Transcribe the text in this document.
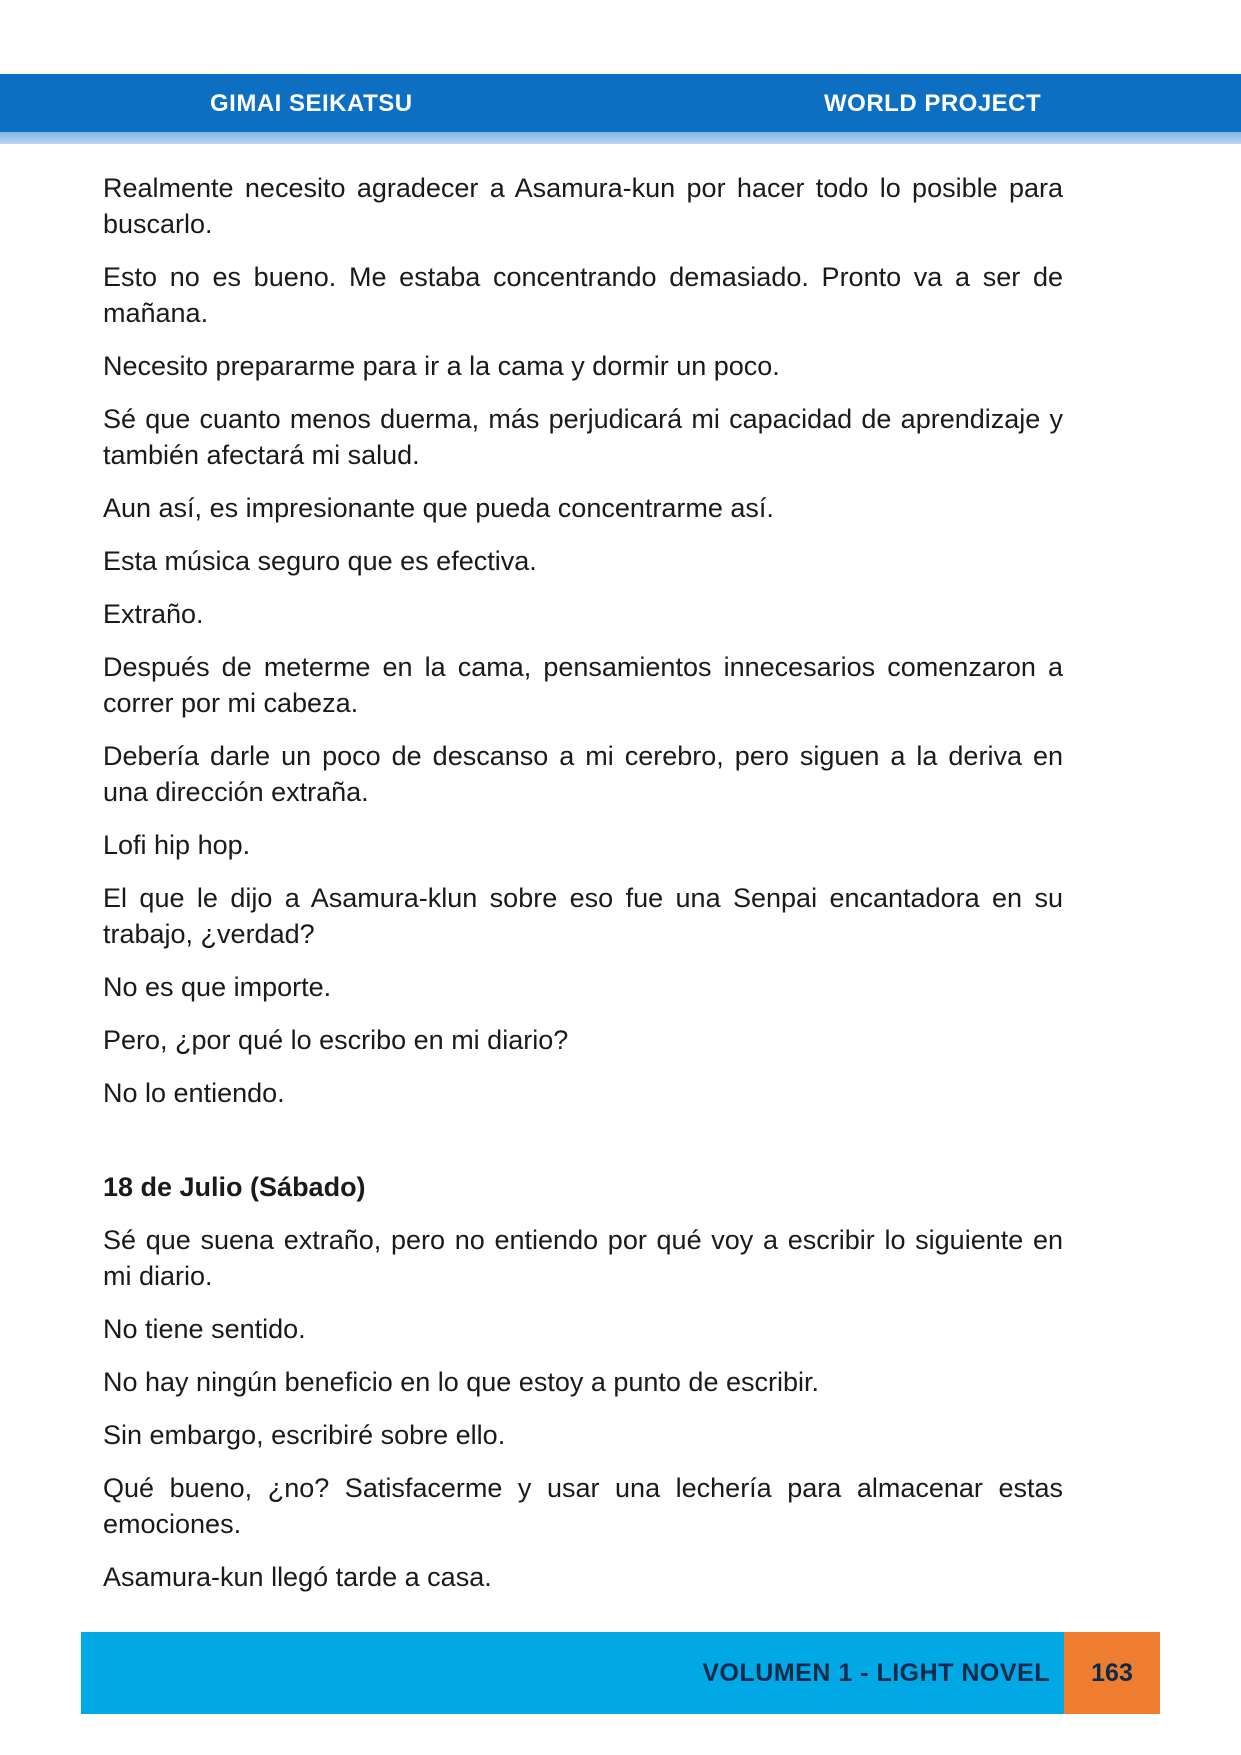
GIMAI SEIKATSU	WORLD PROJECT

Realmente necesito agradecer a Asamura-kun por hacer todo lo posible para buscarlo.

Esto no es bueno. Me estaba concentrando demasiado. Pronto va a ser de mañana.

Necesito prepararme para ir a la cama y dormir un poco.

Sé que cuanto menos duerma, más perjudicará mi capacidad de aprendizaje y también afectará mi salud.

Aun así, es impresionante que pueda concentrarme así.

Esta música seguro que es efectiva.

Extraño.

Después de meterme en la cama, pensamientos innecesarios comenzaron a correr por mi cabeza.

Debería darle un poco de descanso a mi cerebro, pero siguen a la deriva en una dirección extraña.

Lofi hip hop.

El que le dijo a Asamura-klun sobre eso fue una Senpai encantadora en su trabajo, ¿verdad?

No es que importe.

Pero, ¿por qué lo escribo en mi diario?

No lo entiendo.

18 de Julio (Sábado)

Sé que suena extraño, pero no entiendo por qué voy a escribir lo siguiente en mi diario.

No tiene sentido.

No hay ningún beneficio en lo que estoy a punto de escribir.

Sin embargo, escribiré sobre ello.

Qué bueno, ¿no? Satisfacerme y usar una lechería para almacenar estas emociones.

Asamura-kun llegó tarde a casa.

VOLUMEN 1 - LIGHT NOVEL	163
